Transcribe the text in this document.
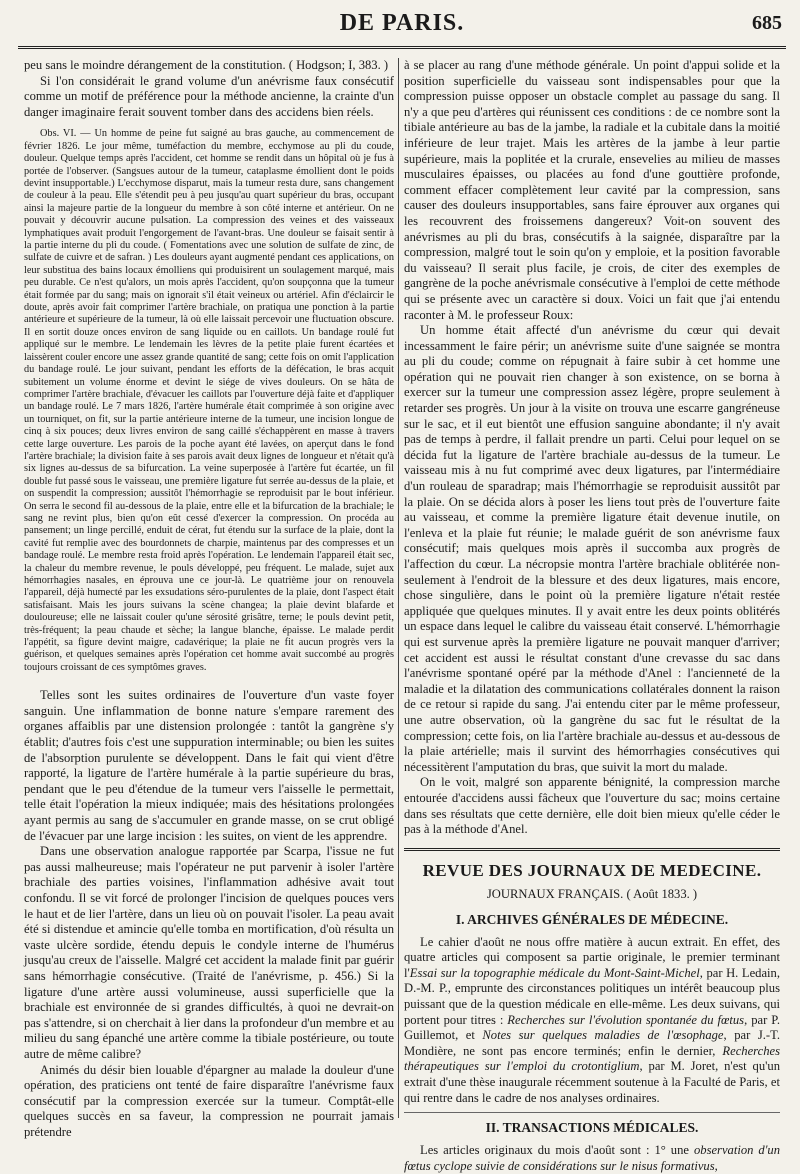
DE PARIS.	685

peu sans le moindre dérangement de la constitution. ( Hodgson; I, 383. )

Si l'on considérait le grand volume d'un anévrisme faux consécutif comme un motif de préférence pour la méthode ancienne, la crainte d'un danger imaginaire ferait souvent tomber dans des accidens bien réels.

Obs. VI. — Un homme de peine fut saigné au bras gauche, au commencement de février 1826. Le jour même, tuméfaction du membre, ecchymose au pli du coude, douleur. Quelque temps après l'accident, cet homme se rendit dans un hôpital où je fus à portée de l'observer. (Sangsues autour de la tumeur, cataplasme émollient dont le poids devint insupportable.) L'ecchymose disparut, mais la tumeur resta dure, sans changement de couleur à la peau. Elle s'étendit peu à peu jusqu'au quart supérieur du bras, occupant ainsi la majeure partie de la longueur du membre à son côté interne et antérieur. On ne pouvait y découvrir aucune pulsation. La compression des veines et des vaisseaux lymphatiques avait produit l'engorgement de l'avant-bras. Une douleur se faisait sentir à la partie interne du pli du coude. ( Fomentations avec une solution de sulfate de zinc, de sulfate de cuivre et de safran. ) Les douleurs ayant augmenté pendant ces applications, on leur substitua des bains locaux émolliens qui produisirent un soulagement marqué, mais peu durable. Ce n'est qu'alors, un mois après l'accident, qu'on soupçonna que la tumeur était formée par du sang; mais on ignorait s'il était veineux ou artériel. Afin d'éclaircir le doute, après avoir fait comprimer l'artère brachiale, on pratiqua une ponction à la partie antérieure et supérieure de la tumeur, là où elle laissait percevoir une fluctuation obscure. Il en sortit douze onces environ de sang liquide ou en caillots. Un bandage roulé fut appliqué sur le membre. Le lendemain les lèvres de la petite plaie furent écartées et laissèrent couler encore une assez grande quantité de sang; cette fois on omit l'application du bandage roulé. Le jour suivant, pendant les efforts de la défécation, le bras acquit subitement un volume énorme et devint le siége de vives douleurs. On se hâta de comprimer l'artère brachiale, d'évacuer les caillots par l'ouverture déjà faite et d'appliquer un bandage roulé. Le 7 mars 1826, l'artère humérale était comprimée à son origine avec un tourniquet, on fit, sur la partie antérieure interne de la tumeur, une incision longue de cinq à six pouces; deux livres environ de sang caillé s'échappèrent en masse à travers cette large ouverture. Les parois de la poche ayant été lavées, on aperçut dans le fond l'artère brachiale; la division faite à ses parois avait deux lignes de longueur et n'était qu'à six lignes au-dessus de sa bifurcation. La veine superposée à l'artère fut écartée, un fil double fut passé sous le vaisseau, une première ligature fut serrée au-dessus de la plaie, et on suspendit la compression; aussitôt l'hémorrhagie se reproduisit par le bout inférieur. On serra le second fil au-dessous de la plaie, entre elle et la bifurcation de la brachiale; le sang ne revint plus, bien qu'on eût cessé d'exercer la compression. On procéda au pansement; un linge percillé, enduit de cérat, fut étendu sur la surface de la plaie, dont la cavité fut remplie avec des bourdonnets de charpie, maintenus par des compresses et un bandage roulé. Le membre resta froid après l'opération. Le lendemain l'appareil était sec, la chaleur du membre revenue, le pouls développé, peu fréquent. Le malade, sujet aux hémorrhagies nasales, en éprouva une ce jour-là. Le quatrième jour on renouvela l'appareil, déjà humecté par les exsudations séro-purulentes de la plaie, dont l'aspect était satisfaisant. Mais les jours suivans la scène changea; la plaie devint blafarde et douloureuse; elle ne laissait couler qu'une sérosité grisâtre, terne; le pouls devint petit, très-fréquent; la peau chaude et sèche; la langue blanche, épaisse. Le malade perdit l'appétit, sa figure devint maigre, cadavérique; la plaie ne fit aucun progrès vers la guérison, et quelques semaines après l'opération cet homme avait succombé au progrès toujours croissant de ces symptômes graves.

Telles sont les suites ordinaires de l'ouverture d'un vaste foyer sanguin. Une inflammation de bonne nature s'empare rarement des organes affaiblis par une distension prolongée : tantôt la gangrène s'y établit; d'autres fois c'est une suppuration interminable; ou bien les suites de l'absorption purulente se développent. Dans le fait qui vient d'être rapporté, la ligature de l'artère humérale à la partie supérieure du bras, pendant que le peu d'étendue de la tumeur vers l'aisselle le permettait, telle était l'opération la mieux indiquée; mais des hésitations prolongées ayant permis au sang de s'accumuler en grande masse, on se crut obligé de l'évacuer par une large incision : les suites, on vient de les apprendre.

Dans une observation analogue rapportée par Scarpa, l'issue ne fut pas aussi malheureuse; mais l'opérateur ne put parvenir à isoler l'artère brachiale des parties voisines, l'inflammation adhésive avait tout confondu. Il se vit forcé de prolonger l'incision de quelques pouces vers le haut et de lier l'artère, dans un lieu où on pouvait l'isoler. La peau avait été si distendue et amincie qu'elle tomba en mortification, d'où résulta un vaste ulcère sordide, étendu depuis le condyle interne de l'humérus jusqu'au creux de l'aisselle. Malgré cet accident la malade finit par guérir sans hémorrhagie consécutive. (Traité de l'anévrisme, p. 456.) Si la ligature d'une artère aussi volumineuse, aussi superficielle que la brachiale est environnée de si grandes difficultés, à quoi ne devrait-on pas s'attendre, si on cherchait à lier dans la profondeur d'un membre et au milieu du sang épanché une artère comme la tibiale postérieure, ou toute autre de même calibre?

Animés du désir bien louable d'épargner au malade la douleur d'une opération, des praticiens ont tenté de faire disparaître l'anévrisme faux consécutif par la compression exercée sur la tumeur. Comptât-elle quelques succès en sa faveur, la compression ne pourrait jamais prétendre

à se placer au rang d'une méthode générale. Un point d'appui solide et la position superficielle du vaisseau sont indispensables pour que la compression puisse opposer un obstacle complet au passage du sang. Il n'y a que peu d'artères qui réunissent ces conditions : de ce nombre sont la tibiale antérieure au bas de la jambe, la radiale et la cubitale dans la moitié inférieure de leur trajet. Mais les artères de la jambe à leur partie supérieure, mais la poplitée et la crurale, ensevelies au milieu de masses musculaires épaisses, ou placées au fond d'une gouttière profonde, comment effacer complètement leur cavité par la compression, sans causer des douleurs insupportables, sans faire éprouver aux organes qui les recouvrent des froissemens dangereux? Voit-on souvent des anévrismes au pli du bras, consécutifs à la saignée, disparaître par la compression, malgré tout le soin qu'on y emploie, et la position favorable du vaisseau? Il serait plus facile, je crois, de citer des exemples de gangrène de la poche anévrismale consécutive à l'emploi de cette méthode qui se présente avec un caractère si doux. Voici un fait que j'ai entendu raconter à M. le professeur Roux:

Un homme était affecté d'un anévrisme du cœur qui devait incessamment le faire périr; un anévrisme suite d'une saignée se montra au pli du coude; comme on répugnait à faire subir à cet homme une opération qui ne pouvait rien changer à son existence, on se borna à exercer sur la tumeur une compression assez légère, propre seulement à retarder ses progrès. Un jour à la visite on trouva une escarre gangréneuse sur le sac, et il eut bientôt une effusion sanguine abondante; il n'y avait pas de temps à perdre, il fallait prendre un parti. Celui pour lequel on se décida fut la ligature de l'artère brachiale au-dessus de la tumeur. Le vaisseau mis à nu fut comprimé avec deux ligatures, par l'intermédiaire d'un rouleau de sparadrap; mais l'hémorrhagie se reproduisit aussitôt par la plaie. On se décida alors à poser les liens tout près de l'ouverture faite au vaisseau, et comme la première ligature était devenue inutile, on l'enleva et la plaie fut réunie; le malade guérit de son anévrisme faux consécutif; mais quelques mois après il succomba aux progrès de l'affection du cœur. La nécropsie montra l'artère brachiale oblitérée non-seulement à l'endroit de la blessure et des deux ligatures, mais encore, chose singulière, dans le point où la première ligature n'était restée appliquée que quelques minutes. Il y avait entre les deux points oblitérés un espace dans lequel le calibre du vaisseau était conservé. L'hémorrhagie qui est survenue après la première ligature ne pouvait manquer d'arriver; cet accident est aussi le résultat constant d'une crevasse du sac dans l'anévrisme spontané opéré par la méthode d'Anel : l'ancienneté de la maladie et la dilatation des communications collatérales donnent la raison de ce retour si rapide du sang. J'ai entendu citer par le même professeur, une autre observation, où la gangrène du sac fut le résultat de la compression; cette fois, on lia l'artère brachiale au-dessus et au-dessous de la plaie artérielle; mais il survint des hémorrhagies consécutives qui nécessitèrent l'amputation du bras, que suivit la mort du malade.

On le voit, malgré son apparente bénignité, la compression marche entourée d'accidens aussi fâcheux que l'ouverture du sac; moins certaine dans ses résultats que cette dernière, elle doit bien mieux qu'elle céder le pas à la méthode d'Anel.

REVUE DES JOURNAUX DE MEDECINE.
JOURNAUX FRANÇAIS. ( Août 1833. )
I. ARCHIVES GÉNÉRALES DE MÉDECINE.

Le cahier d'août ne nous offre matière à aucun extrait. En effet, des quatre articles qui composent sa partie originale, le premier terminant l'Essai sur la topographie médicale du Mont-Saint-Michel, par H. Ledain, D.-M. P., emprunte des circonstances politiques un intérêt beaucoup plus puissant que de la question médicale en elle-même. Les deux suivans, qui portent pour titres : Recherches sur l'évolution spontanée du fœtus, par P. Guillemot, et Notes sur quelques maladies de l'œsophage, par J.-T. Mondière, ne sont pas encore terminés; enfin le dernier, Recherches thérapeutiques sur l'emploi du crotontiglium, par M. Joret, n'est qu'un extrait d'une thèse inaugurale récemment soutenue à la Faculté de Paris, et qui rentre dans le cadre de nos analyses ordinaires.

II. TRANSACTIONS MÉDICALES.

Les articles originaux du mois d'août sont : 1° une observation d'un fœtus cyclope suivie de considérations sur le nisus formativus,
